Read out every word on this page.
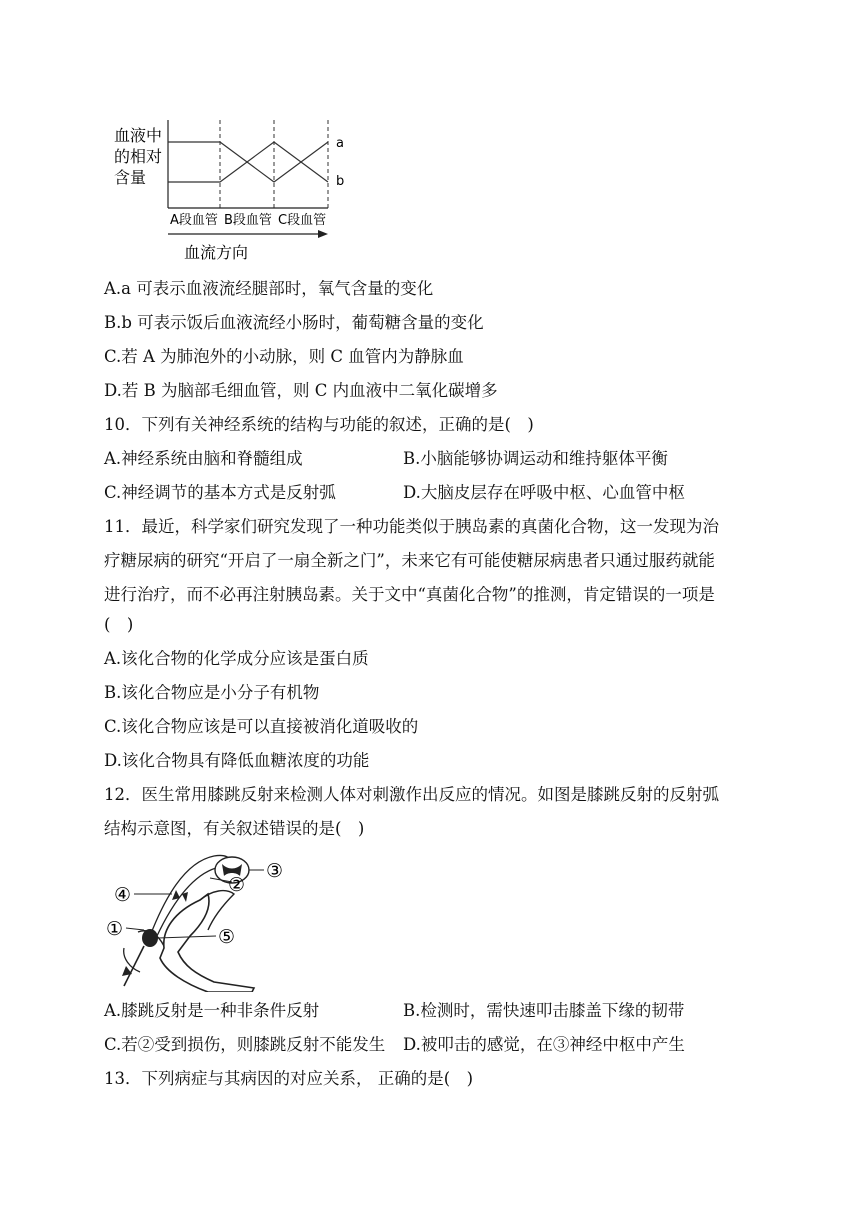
血液中
的相对
含量
a
b
A段血管 B段血管 C段血管
血流方向
A.a 可表示血液流经腿部时，氧气含量的变化
B.b 可表示饭后血液流经小肠时，葡萄糖含量的变化
C.若 A 为肺泡外的小动脉，则 C 血管内为静脉血
D.若 B 为脑部毛细血管，则 C 内血液中二氧化碳增多
10．下列有关神经系统的结构与功能的叙述，正确的是(　)
A.神经系统由脑和脊髓组成	B.小脑能够协调运动和维持躯体平衡
C.神经调节的基本方式是反射弧	D.大脑皮层存在呼吸中枢、心血管中枢
11．最近，科学家们研究发现了一种功能类似于胰岛素的真菌化合物，这一发现为治
疗糖尿病的研究“开启了一扇全新之门”，未来它有可能使糖尿病患者只通过服药就能
进行治疗，而不必再注射胰岛素。关于文中“真菌化合物”的推测，肯定错误的一项是
(　)
A.该化合物的化学成分应该是蛋白质
B.该化合物应是小分子有机物
C.该化合物应该是可以直接被消化道吸收的
D.该化合物具有降低血糖浓度的功能
12．医生常用膝跳反射来检测人体对刺激作出反应的情况。如图是膝跳反射的反射弧
结构示意图，有关叙述错误的是(　)
③
④	②
①	⑤
A.膝跳反射是一种非条件反射	B.检测时，需快速叩击膝盖下缘的韧带
C.若②受到损伤，则膝跳反射不能发生 D.被叩击的感觉，在③神经中枢中产生
13．下列病症与其病因的对应关系， 正确的是(　)
